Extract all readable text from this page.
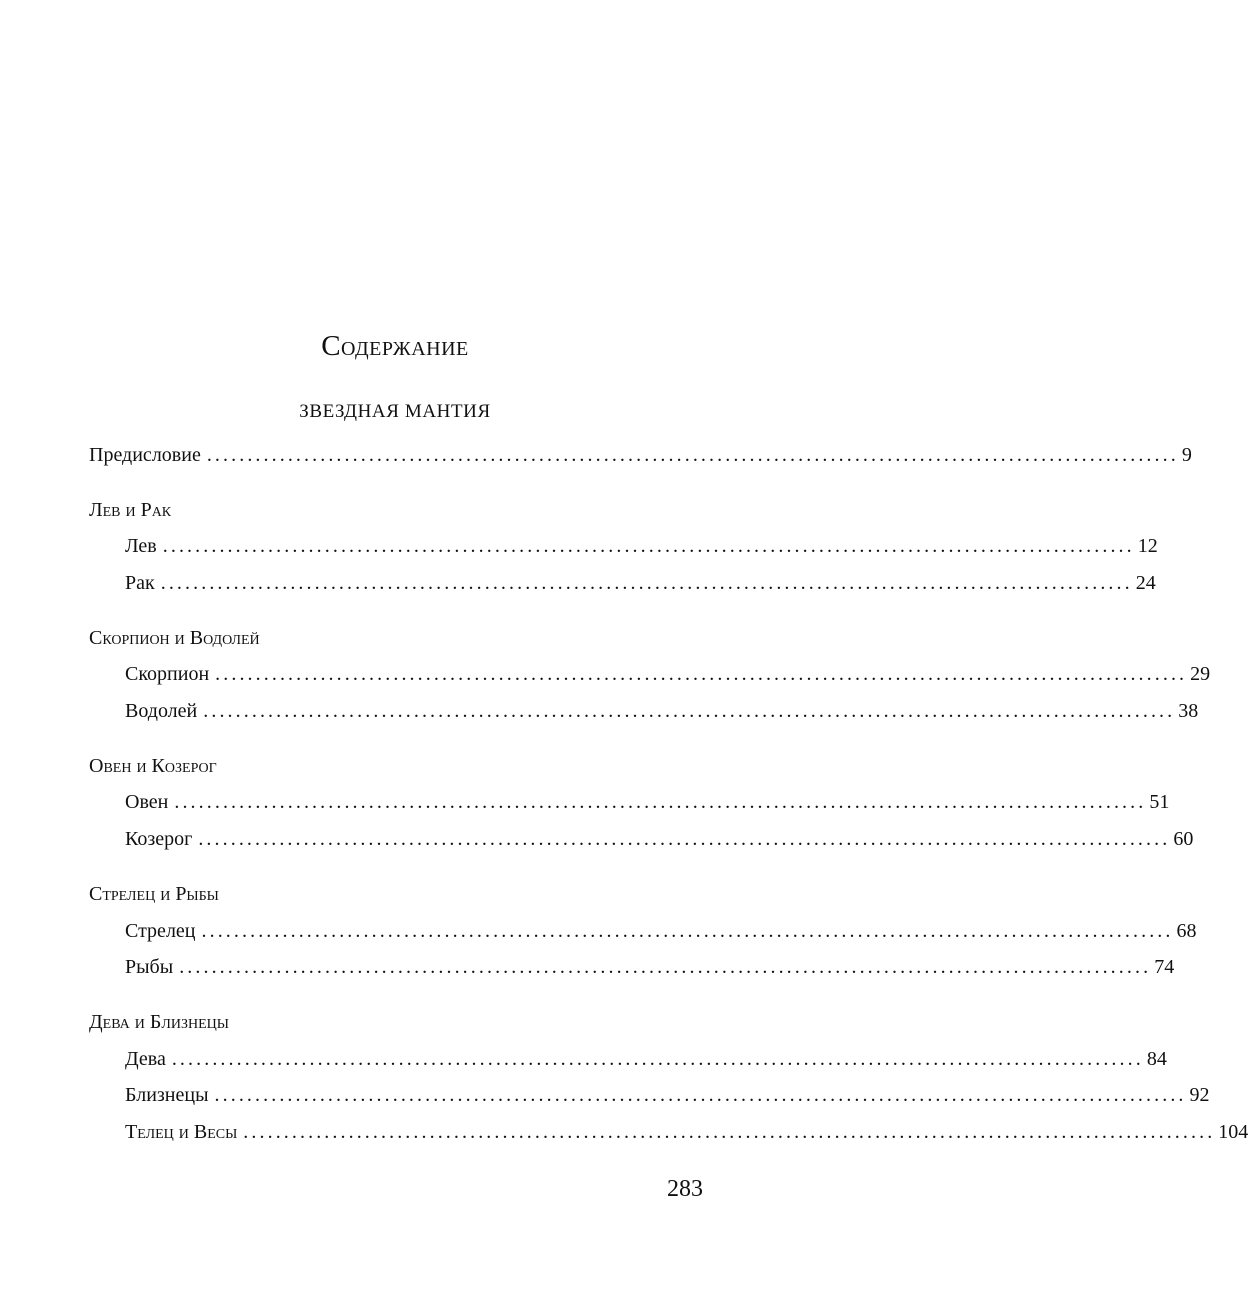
Содержание
ЗВЕЗДНАЯ МАНТИЯ
Предисловие ........................................................................................................................ 9
Лев и Рак
Лев ........................................................................................................................ 12
Рак ........................................................................................................................ 24
Скорпион и Водолей
Скорпион ........................................................................................................................ 29
Водолей ........................................................................................................................ 38
Овен и Козерог
Овен ........................................................................................................................ 51
Козерог ........................................................................................................................ 60
Стрелец и Рыбы
Стрелец ........................................................................................................................ 68
Рыбы ........................................................................................................................ 74
Дева и Близнецы
Дева ........................................................................................................................ 84
Близнецы ........................................................................................................................ 92
Телец и Весы ........................................................................................................................ 104
283
